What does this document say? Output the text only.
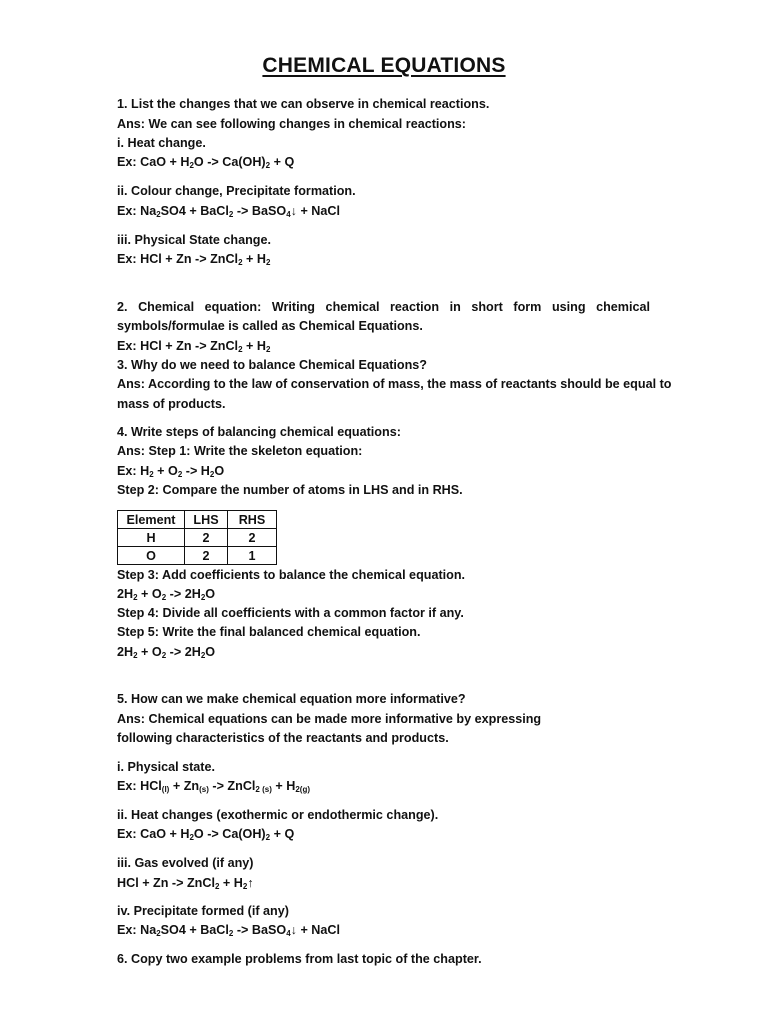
CHEMICAL EQUATIONS
1. List the changes that we can observe in chemical reactions.
Ans: We can see following changes in chemical reactions:
i. Heat change.
Ex: CaO + $H_2O -> Ca(OH)_2 + Q$
ii. Colour change, Precipitate formation.
Ex: $Na_2SO4$ + BaCl$_2$ -> BaSO$_4$↓ + NaCl
iii. Physical State change.
Ex: HCl + Zn -> ZnCl$_2$ + $H_2$
2. Chemical equation: Writing chemical reaction in short form using chemical
symbols/formulae is called as Chemical Equations.
Ex: HCl + Zn -> ZnCl$_2$ + $H_2$
3. Why do we need to balance Chemical Equations?
Ans: According to the law of conservation of mass, the mass of reactants should be equal to
mass of products.
4. Write steps of balancing chemical equations:
Ans: Step 1: Write the skeleton equation:
Ex: $H_2 + O_2 -> H_2O$
Step 2: Compare the number of atoms in LHS and in RHS.
Element	LHS	RHS
H	2	2
O	2	1
Step 3: Add coefficients to balance the chemical equation.
$2H_2 + O_2 -> 2H_2O$
Step 4: Divide all coefficients with a common factor if any.
Step 5: Write the final balanced chemical equation.
$2H_2 + O_2 -> 2H_2O$
5. How can we make chemical equation more informative?
Ans: Chemical equations can be made more informative by expressing
following characteristics of the reactants and products.
i. Physical state.
Ex: $HCl_{(l)} + Zn_{(s)}$ -> ZnCl$_{2 (s)}$ + $H_{2(g)}$
ii. Heat changes (exothermic or endothermic change).
Ex: CaO + $H_2O -> Ca(OH)_2 + Q$
iii. Gas evolved (if any)
HCl + Zn -> ZnCl$_2$ + $H_2↑$
iv. Precipitate formed (if any)
Ex: $Na_2SO4$ + BaCl$_2$ -> BaSO$_4$↓ + NaCl
6. Copy two example problems from last topic of the chapter.
